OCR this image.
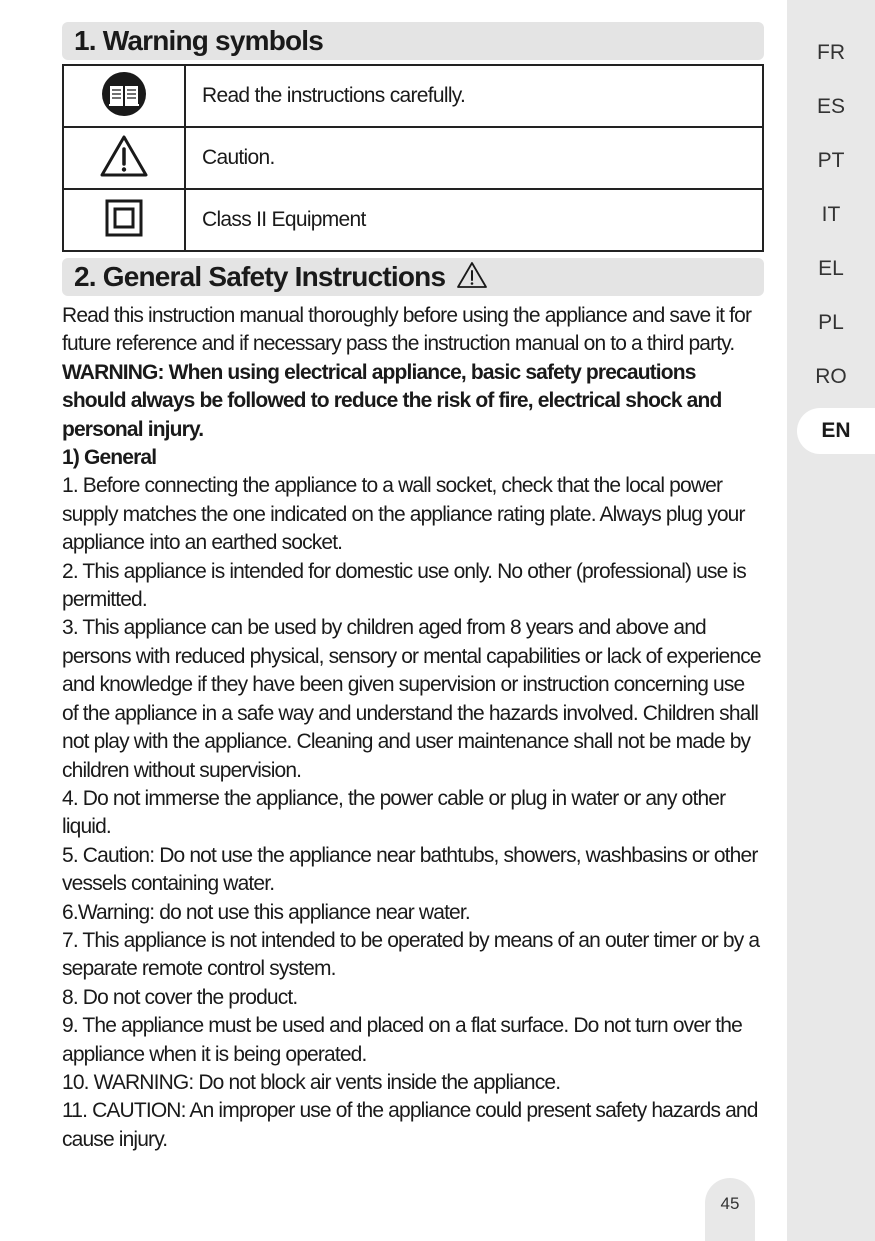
FR
ES
PT
IT
EL
PL
RO
EN
1. Warning symbols
	Read the instructions carefully.
	Caution.
	Class II Equipment
2. General Safety Instructions

Read this instruction manual thoroughly before using the appliance and save it for future reference and if necessary pass the instruction manual on to a third party.

WARNING: When using electrical appliance, basic safety precautions should always be followed to reduce the risk of fire, electrical shock and personal injury.

1) General

1. Before connecting the appliance to a wall socket, check that the local power supply matches the one indicated on the appliance rating plate. Always plug your appliance into an earthed socket.

2. This appliance is intended for domestic use only. No other (professional) use is permitted.

3. This appliance can be used by children aged from 8 years and above and persons with reduced physical, sensory or mental capabilities or lack of experience and knowledge if they have been given supervision or instruction concerning use of the appliance in a safe way and understand the hazards involved. Children shall not play with the appliance. Cleaning and user maintenance shall not be made by children without supervision.

4. Do not immerse the appliance, the power cable or plug in water or any other liquid.

5. Caution: Do not use the appliance near bathtubs, showers, washbasins or other vessels containing water.

6.Warning: do not use this appliance near water.

7. This appliance is not intended to be operated by means of an outer timer or by a separate remote control system.

8. Do not cover the product.

9. The appliance must be used and placed on a flat surface. Do not turn over the appliance when it is being operated.

10. WARNING: Do not block air vents inside the appliance.

11. CAUTION: An improper use of the appliance could present safety hazards and cause injury.

45
